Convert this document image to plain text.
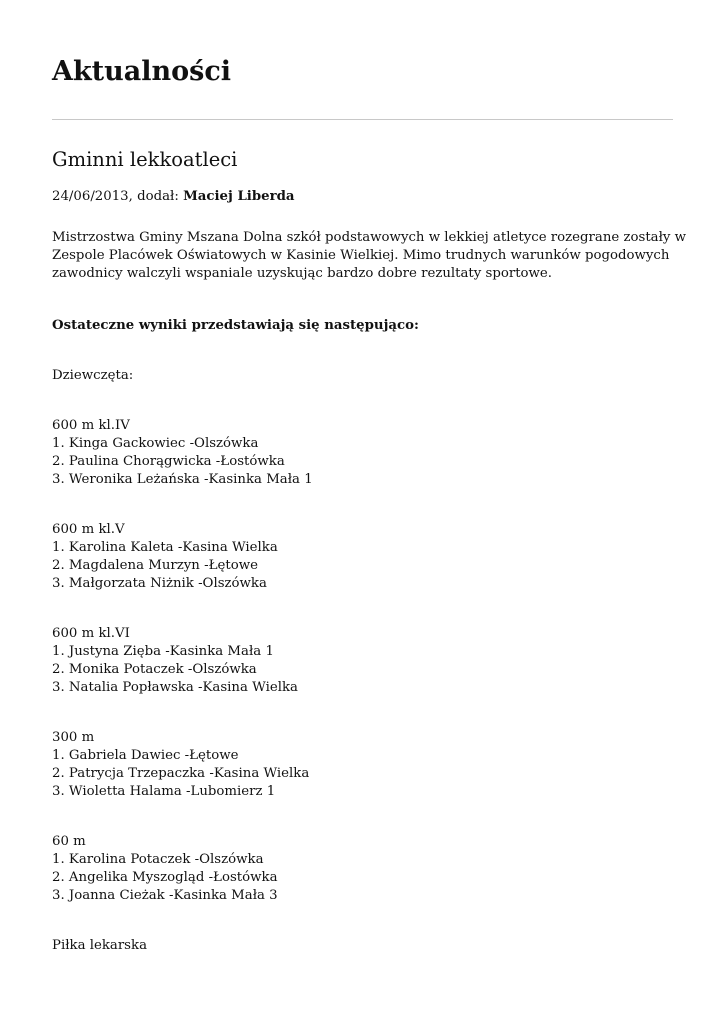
Aktualności
Gminni lekkoatleci
24/06/2013, dodał: Maciej Liberda

Mistrzostwa Gminy Mszana Dolna szkół podstawowych w lekkiej atletyce rozegrane zostały w
Zespole Placówek Oświatowych w Kasinie Wielkiej. Mimo trudnych warunków pogodowych
zawodnicy walczyli wspaniale uzyskując bardzo dobre rezultaty sportowe.

Ostateczne wyniki przedstawiają się następująco:
Dziewczęta:
600 m kl.IV
1. Kinga Gackowiec -Olszówka
2. Paulina Chorągwicka -Łostówka
3. Weronika Leżańska -Kasinka Mała 1
600 m kl.V
1. Karolina Kaleta -Kasina Wielka
2. Magdalena Murzyn -Łętowe
3. Małgorzata Niżnik -Olszówka
600 m kl.VI
1. Justyna Zięba -Kasinka Mała 1
2. Monika Potaczek -Olszówka
3. Natalia Popławska -Kasina Wielka
300 m
1. Gabriela Dawiec -Łętowe
2. Patrycja Trzepaczka -Kasina Wielka
3. Wioletta Halama -Lubomierz 1
60 m
1. Karolina Potaczek -Olszówka
2. Angelika Myszogląd -Łostówka
3. Joanna Cieżak -Kasinka Mała 3
Piłka lekarska
